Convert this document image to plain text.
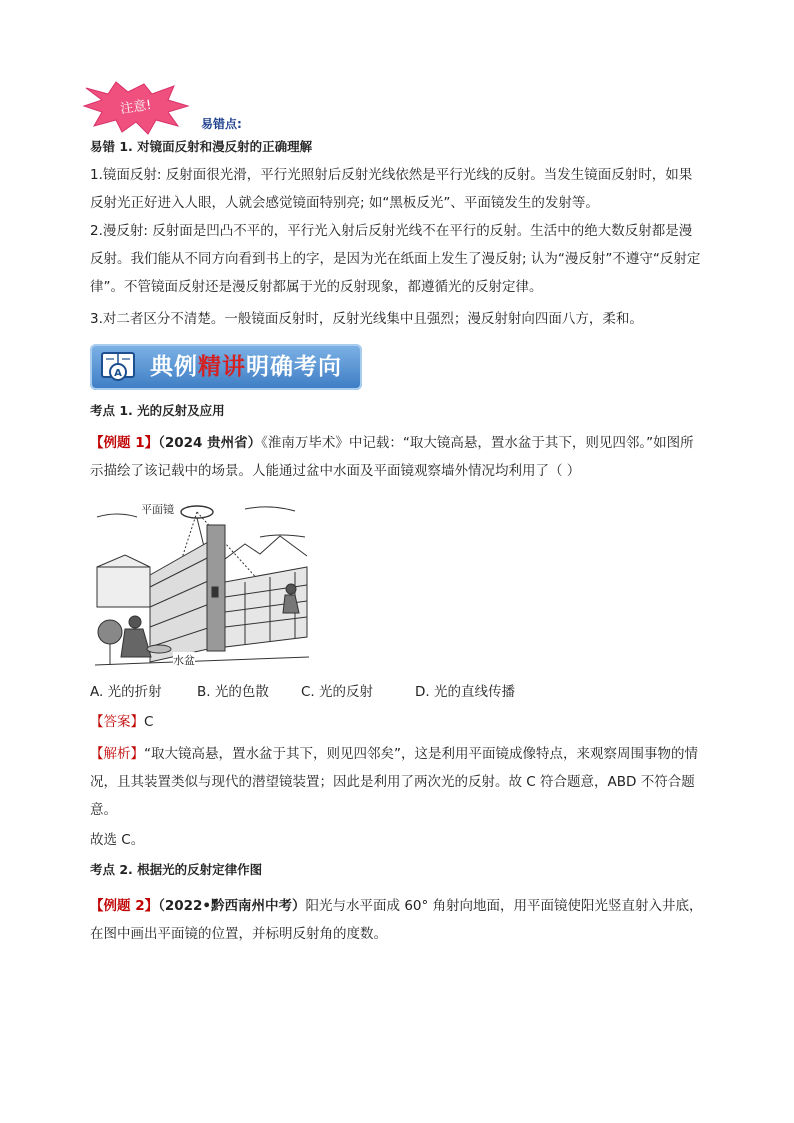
注意!
易错点:

易错 1. 对镜面反射和漫反射的正确理解

1.镜面反射: 反射面很光滑，平行光照射后反射光线依然是平行光线的反射。当发生镜面反射时，如果反射光正好进入人眼，人就会感觉镜面特别亮; 如“黑板反光”、平面镜发生的发射等。

2.漫反射: 反射面是凹凸不平的，平行光入射后反射光线不在平行的反射。生活中的绝大数反射都是漫反射。我们能从不同方向看到书上的字，是因为光在纸面上发生了漫反射; 认为“漫反射”不遵守“反射定律”。不管镜面反射还是漫反射都属于光的反射现象，都遵循光的反射定律。

3.对二者区分不清楚。一般镜面反射时，反射光线集中且强烈；漫反射射向四面八方，柔和。

A 典例精讲明确考向

考点 1. 光的反射及应用

【例题 1】（2024 贵州省）《淮南万毕术》中记载：“取大镜高悬，置水盆于其下，则见四邻。”如图所示描绘了该记载中的场景。人能通过盆中水面及平面镜观察墙外情况均利用了（ ）

平面镜
水盆
A. 光的折射	B. 光的色散 C. 光的反射	D. 光的直线传播

【答案】C

【解析】“取大镜高悬，置水盆于其下，则见四邻矣”，这是利用平面镜成像特点，来观察周围事物的情况，且其装置类似与现代的潜望镜装置；因此是利用了两次光的反射。故 C 符合题意，ABD 不符合题意。

故选 C。

考点 2. 根据光的反射定律作图

【例题 2】（2022•黔西南州中考）阳光与水平面成 60° 角射向地面，用平面镜使阳光竖直射入井底，在图中画出平面镜的位置，并标明反射角的度数。
